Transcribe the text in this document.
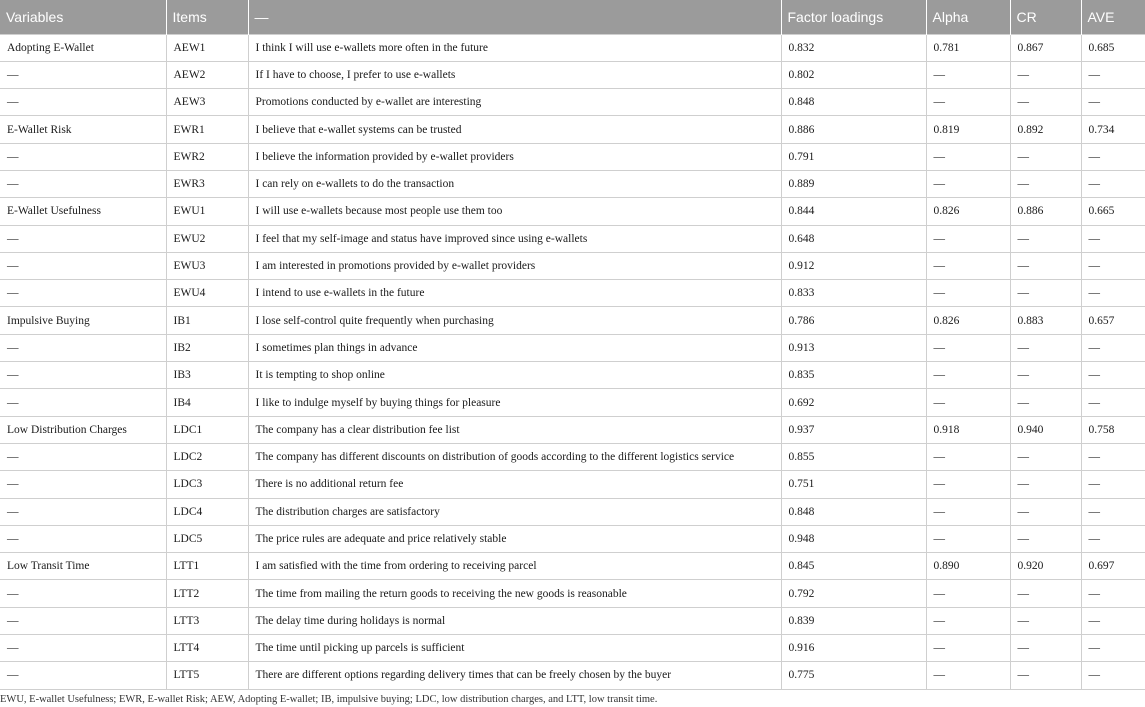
Variables	Items	—	Factor loadings	Alpha	CR	AVE
Adopting E-Wallet	AEW1	I think I will use e-wallets more often in the future	0.832	0.781	0.867	0.685
—	AEW2	If I have to choose, I prefer to use e-wallets	0.802	—	—	—
—	AEW3	Promotions conducted by e-wallet are interesting	0.848	—	—	—
E-Wallet Risk	EWR1	I believe that e-wallet systems can be trusted	0.886	0.819	0.892	0.734
—	EWR2	I believe the information provided by e-wallet providers	0.791	—	—	—
—	EWR3	I can rely on e-wallets to do the transaction	0.889	—	—	—
E-Wallet Usefulness	EWU1	I will use e-wallets because most people use them too	0.844	0.826	0.886	0.665
—	EWU2	I feel that my self-image and status have improved since using e-wallets	0.648	—	—	—
—	EWU3	I am interested in promotions provided by e-wallet providers	0.912	—	—	—
—	EWU4	I intend to use e-wallets in the future	0.833	—	—	—
Impulsive Buying	IB1	I lose self-control quite frequently when purchasing	0.786	0.826	0.883	0.657
—	IB2	I sometimes plan things in advance	0.913	—	—	—
—	IB3	It is tempting to shop online	0.835	—	—	—
—	IB4	I like to indulge myself by buying things for pleasure	0.692	—	—	—
Low Distribution Charges	LDC1	The company has a clear distribution fee list	0.937	0.918	0.940	0.758
—	LDC2	The company has different discounts on distribution of goods according to the different logistics service	0.855	—	—	—
—	LDC3	There is no additional return fee	0.751	—	—	—
—	LDC4	The distribution charges are satisfactory	0.848	—	—	—
—	LDC5	The price rules are adequate and price relatively stable	0.948	—	—	—
Low Transit Time	LTT1	I am satisfied with the time from ordering to receiving parcel	0.845	0.890	0.920	0.697
—	LTT2	The time from mailing the return goods to receiving the new goods is reasonable	0.792	—	—	—
—	LTT3	The delay time during holidays is normal	0.839	—	—	—
—	LTT4	The time until picking up parcels is sufficient	0.916	—	—	—
—	LTT5	There are different options regarding delivery times that can be freely chosen by the buyer	0.775	—	—	—
EWU, E-wallet Usefulness; EWR, E-wallet Risk; AEW, Adopting E-wallet; IB, impulsive buying; LDC, low distribution charges, and LTT, low transit time.
